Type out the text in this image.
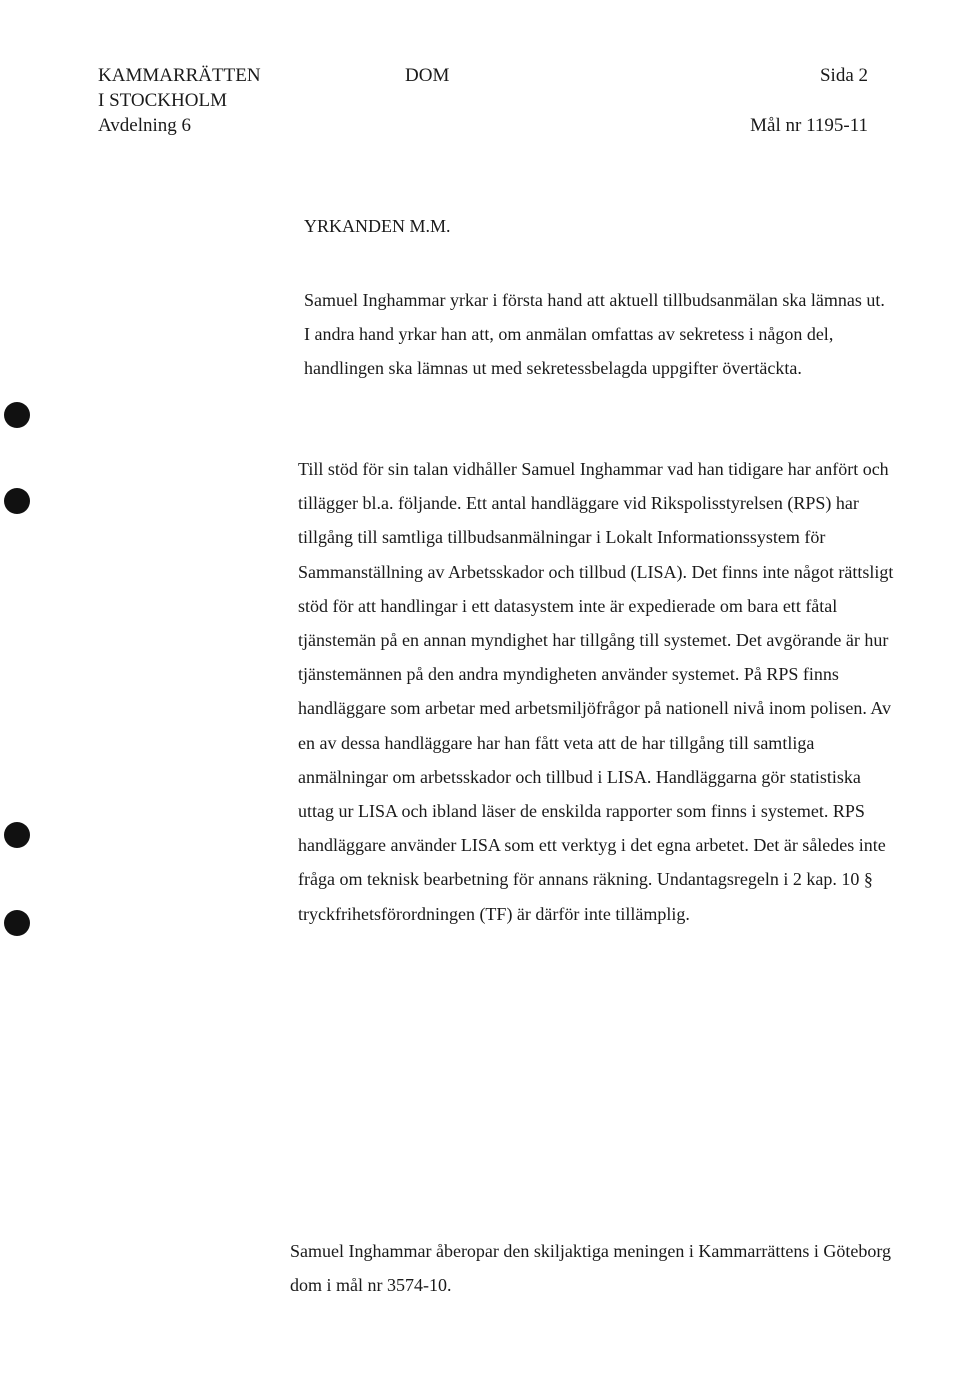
KAMMARRÄTTEN
I STOCKHOLM
Avdelning 6
DOM	Sida 2
Mål nr 1195-11
YRKANDEN M.M.

Samuel Inghammar yrkar i första hand att aktuell tillbudsanmälan ska lämnas ut. I andra hand yrkar han att, om anmälan omfattas av sekretess i någon del, handlingen ska lämnas ut med sekretessbelagda uppgifter övertäckta.

Till stöd för sin talan vidhåller Samuel Inghammar vad han tidigare har anfört och tillägger bl.a. följande. Ett antal handläggare vid Rikspolisstyrelsen (RPS) har tillgång till samtliga tillbudsanmälningar i Lokalt Informationssystem för Sammanställning av Arbetsskador och tillbud (LISA). Det finns inte något rättsligt stöd för att handlingar i ett datasystem inte är expedierade om bara ett fåtal tjänstemän på en annan myndighet har tillgång till systemet. Det avgörande är hur tjänstemännen på den andra myndigheten använder systemet. På RPS finns handläggare som arbetar med arbetsmiljöfrågor på nationell nivå inom polisen. Av en av dessa handläggare har han fått veta att de har tillgång till samtliga anmälningar om arbetsskador och tillbud i LISA. Handläggarna gör statistiska uttag ur LISA och ibland läser de enskilda rapporter som finns i systemet. RPS handläggare använder LISA som ett verktyg i det egna arbetet. Det är således inte fråga om teknisk bearbetning för annans räkning. Undantagsregeln i 2 kap. 10 § tryckfrihetsförordningen (TF) är därför inte tillämplig.

Samuel Inghammar åberopar den skiljaktiga meningen i Kammarrättens i Göteborg dom i mål nr 3574-10.
